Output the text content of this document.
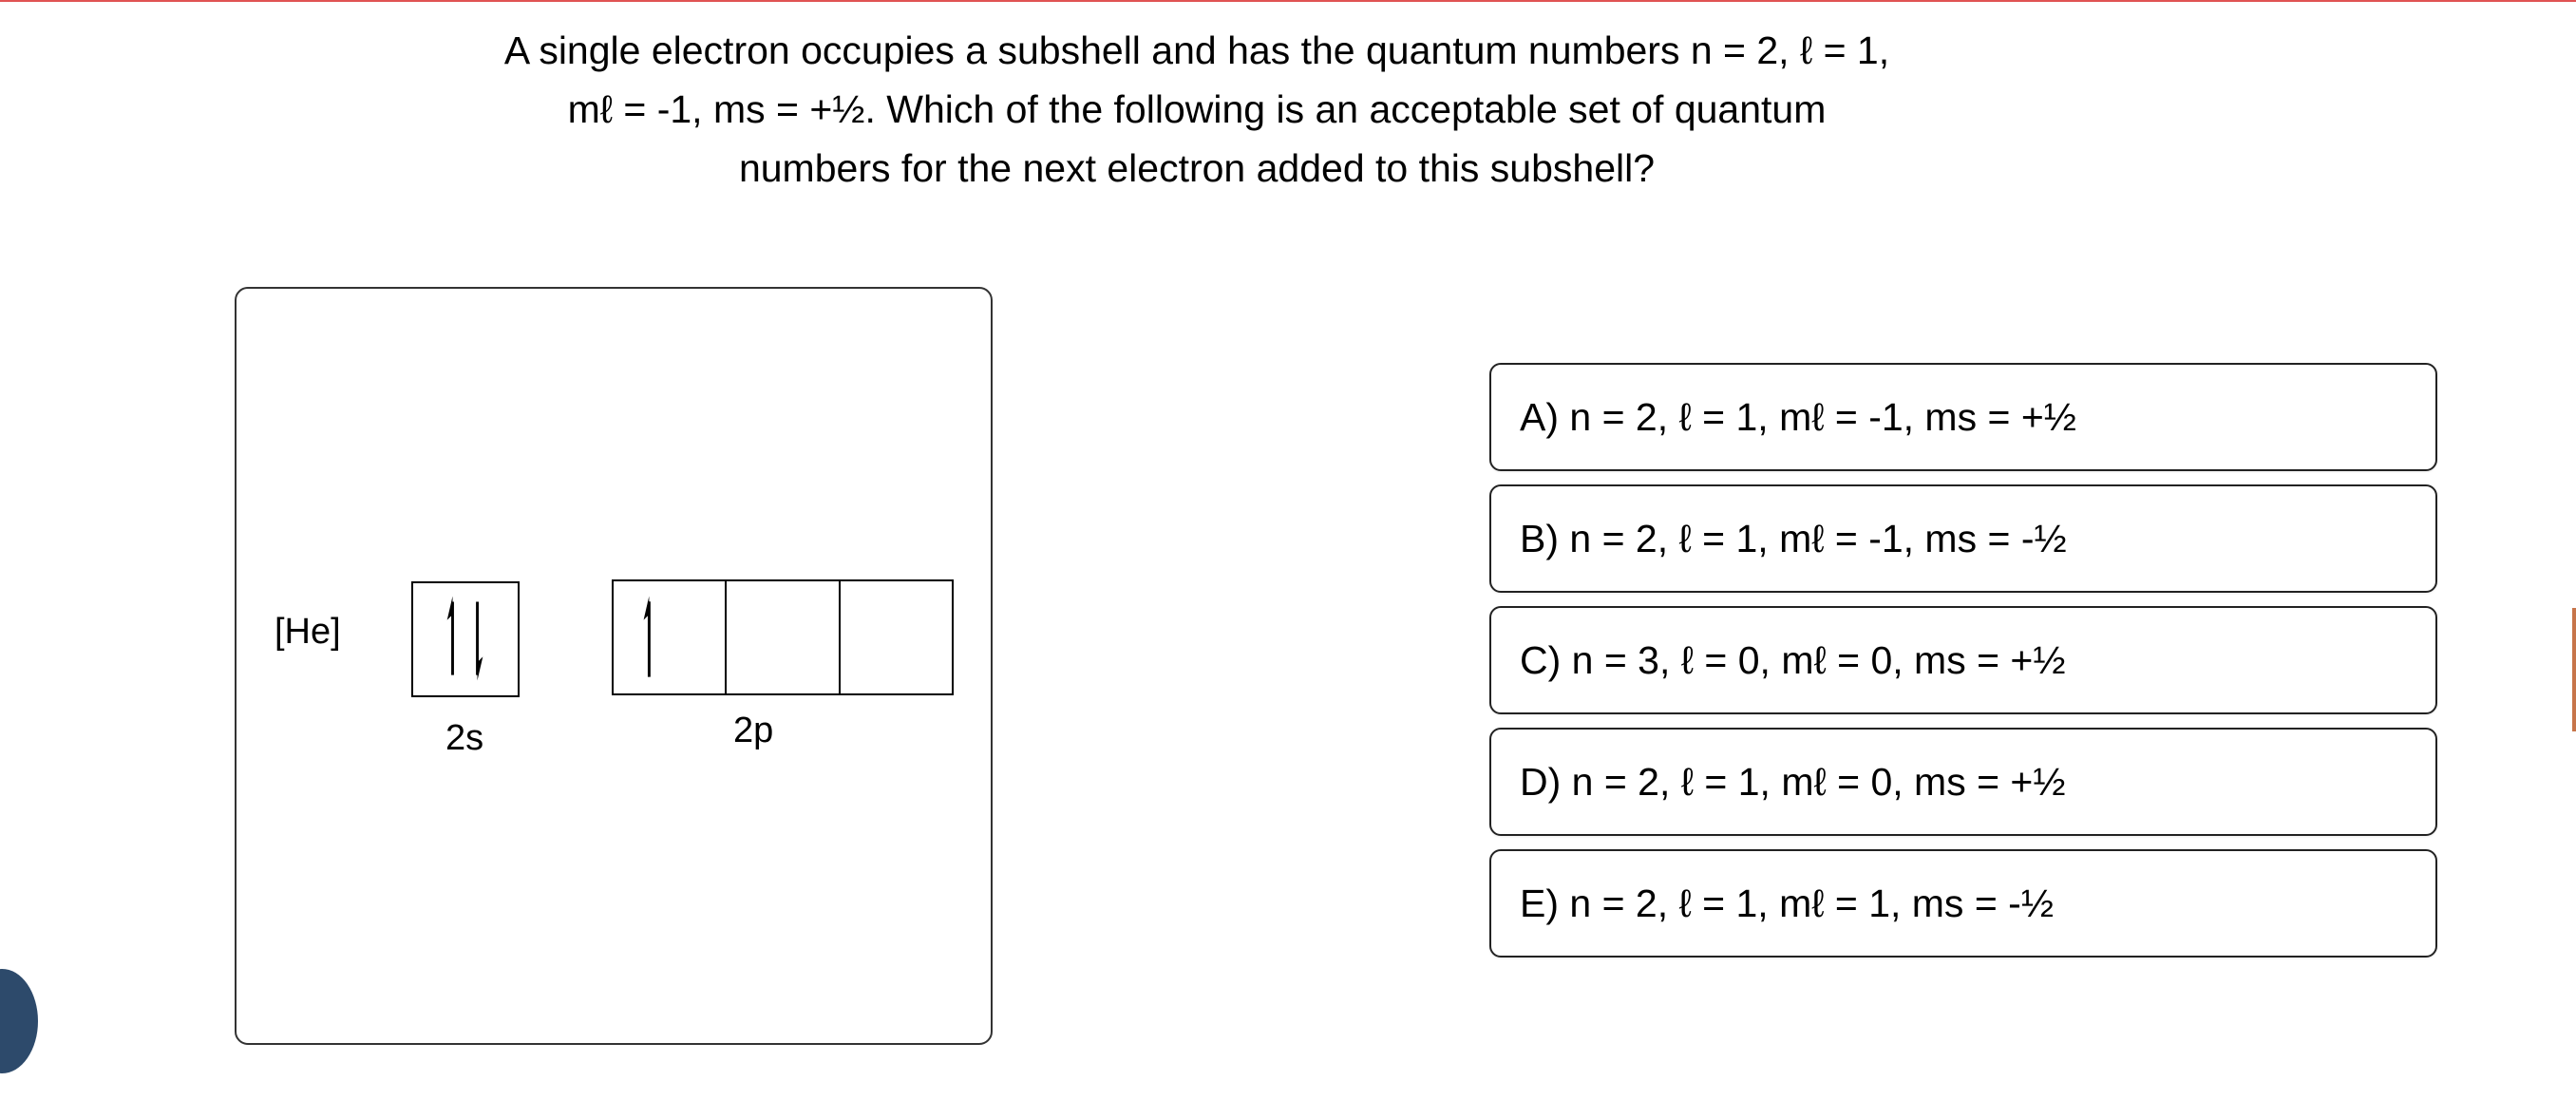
A single electron occupies a subshell and has the quantum numbers n = 2, ℓ = 1,
mℓ = -1, ms = +½. Which of the following is an acceptable set of quantum
numbers for the next electron added to this subshell?
[He]
2s	2p
A) n = 2, ℓ = 1, mℓ = -1, ms = +½
B) n = 2, ℓ = 1, mℓ = -1, ms = -½
C) n = 3, ℓ = 0, mℓ = 0, ms = +½
D) n = 2, ℓ = 1, mℓ = 0, ms = +½
E) n = 2, ℓ = 1, mℓ = 1, ms = -½
